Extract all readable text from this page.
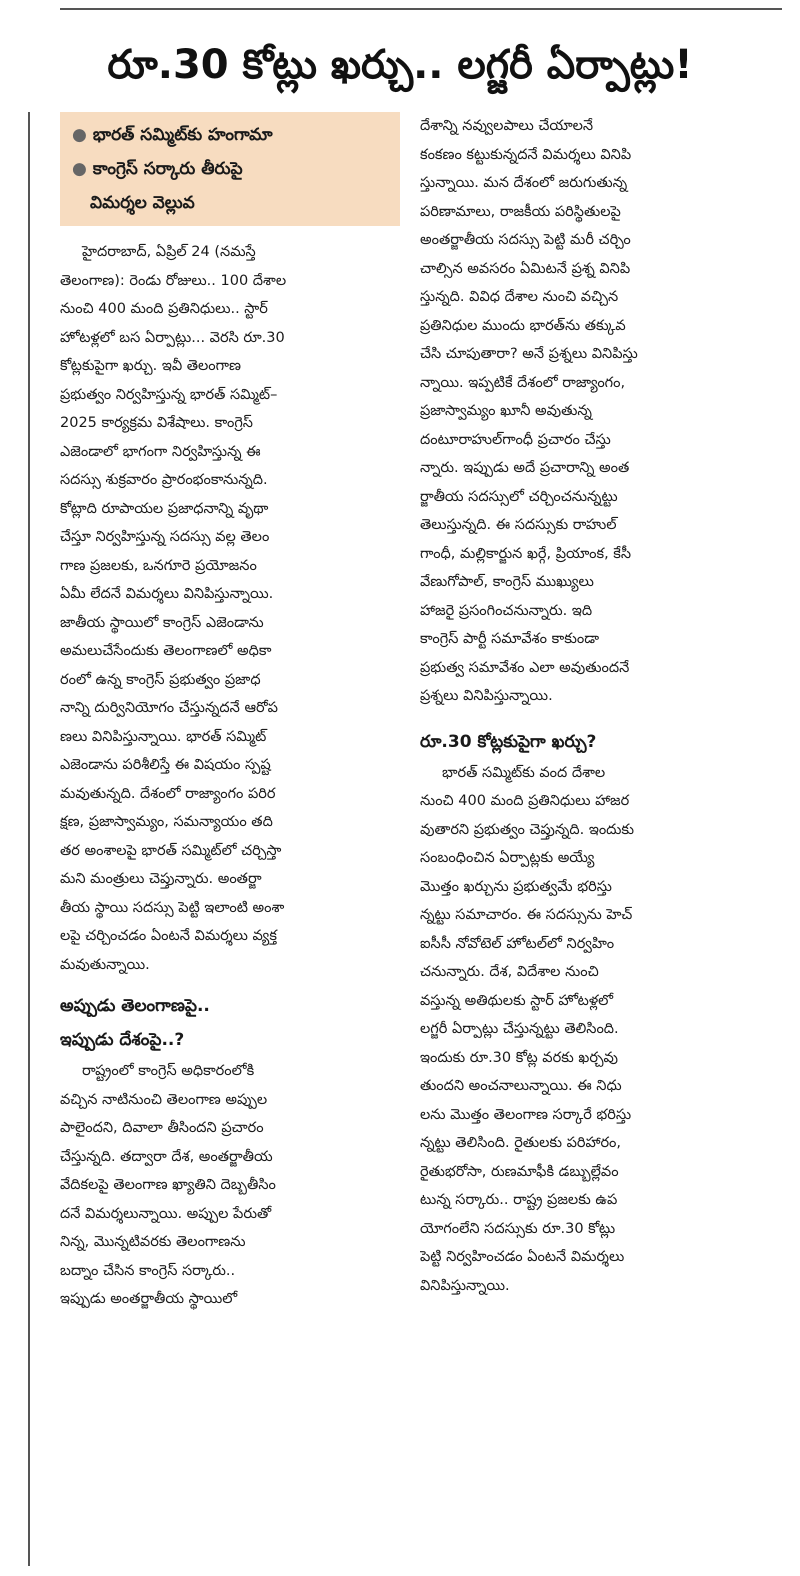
రూ.30 కోట్లు ఖర్చు.. లగ్జరీ ఏర్పాట్లు!
● భారత్ సమ్మిట్‌కు హంగామా
● కాంగ్రెస్ సర్కారు తీరుపై
విమర్శల వెల్లువ
హైదరాబాద్, ఏప్రిల్ 24 (నమస్తే
తెలంగాణ): రెండు రోజులు.. 100 దేశాల
నుంచి 400 మంది ప్రతినిధులు.. స్టార్
హోటళ్లలో బస ఏర్పాట్లు... వెరసి రూ.30
కోట్లకుపైగా ఖర్చు. ఇవీ తెలంగాణ
ప్రభుత్వం నిర్వహిస్తున్న భారత్ సమ్మిట్–
2025 కార్యక్రమ విశేషాలు. కాంగ్రెస్
ఎజెండాలో భాగంగా నిర్వహిస్తున్న ఈ
సదస్సు శుక్రవారం ప్రారంభంకానున్నది.
కోట్లాది రూపాయల ప్రజాధనాన్ని వృథా
చేస్తూ నిర్వహిస్తున్న సదస్సు వల్ల తెలం
గాణ ప్రజలకు, ఒనగూరె ప్రయోజనం
ఏమీ లేదనే విమర్శలు వినిపిస్తున్నాయి.
జాతీయ స్థాయిలో కాంగ్రెస్ ఎజెండాను
అమలుచేసేందుకు తెలంగాణలో అధికా
రంలో ఉన్న కాంగ్రెస్ ప్రభుత్వం ప్రజాధ
నాన్ని దుర్వినియోగం చేస్తున్నదనే ఆరోప
ణలు వినిపిస్తున్నాయి. భారత్ సమ్మిట్
ఎజెండాను పరిశీలిస్తే ఈ విషయం స్పష్ట
మవుతున్నది. దేశంలో రాజ్యాంగం పరిర
క్షణ, ప్రజాస్వామ్యం, సమన్యాయం తది
తర అంశాలపై భారత్ సమ్మిట్‌లో చర్చిస్తా
మని మంత్రులు చెప్తున్నారు. అంతర్జా
తీయ స్థాయి సదస్సు పెట్టి ఇలాంటి అంశా
లపై చర్చించడం ఏంటనే విమర్శలు వ్యక్త
మవుతున్నాయి.
అప్పుడు తెలంగాణపై..
ఇప్పుడు దేశంపై..?
రాష్ట్రంలో కాంగ్రెస్ అధికారంలోకి
వచ్చిన నాటినుంచి తెలంగాణ అప్పుల
పాలైందని, దివాలా తీసిందని ప్రచారం
చేస్తున్నది. తద్వారా దేశ, అంతర్జాతీయ
వేదికలపై తెలంగాణ ఖ్యాతిని దెబ్బతీసిం
దనే విమర్శలున్నాయి. అప్పుల పేరుతో
నిన్న, మొన్నటివరకు తెలంగాణను
బద్నాం చేసిన కాంగ్రెస్ సర్కారు..
ఇప్పుడు అంతర్జాతీయ స్థాయిలో
దేశాన్ని నవ్వులపాలు చేయాలనే
కంకణం కట్టుకున్నదనే విమర్శలు వినిపి
స్తున్నాయి. మన దేశంలో జరుగుతున్న
పరిణామాలు, రాజకీయ పరిస్థితులపై
అంతర్జాతీయ సదస్సు పెట్టి మరీ చర్చిం
చాల్సిన అవసరం ఏమిటనే ప్రశ్న వినిపి
స్తున్నది. వివిధ దేశాల నుంచి వచ్చిన
ప్రతినిధుల ముందు భారత్‌ను తక్కువ
చేసి చూపుతారా? అనే ప్రశ్నలు వినిపిస్తు
న్నాయి. ఇప్పటికే దేశంలో రాజ్యాంగం,
ప్రజాస్వామ్యం ఖూనీ అవుతున్న
దంటూరాహుల్‌గాంధీ ప్రచారం చేస్తు
న్నారు. ఇప్పుడు అదే ప్రచారాన్ని అంత
ర్జాతీయ సదస్సులో చర్చించనున్నట్టు
తెలుస్తున్నది. ఈ సదస్సుకు రాహుల్
గాంధీ, మల్లికార్జున ఖర్గే, ప్రియాంక, కేసీ
వేణుగోపాల్, కాంగ్రెస్ ముఖ్యులు
హాజరై ప్రసంగించనున్నారు. ఇది
కాంగ్రెస్ పార్టీ సమావేశం కాకుండా
ప్రభుత్వ సమావేశం ఎలా అవుతుందనే
ప్రశ్నలు వినిపిస్తున్నాయి.
రూ.30 కోట్లకుపైగా ఖర్చు?
భారత్ సమ్మిట్‌కు వంద దేశాల
నుంచి 400 మంది ప్రతినిధులు హాజర
వుతారని ప్రభుత్వం చెప్తున్నది. ఇందుకు
సంబంధించిన ఏర్పాట్లకు అయ్యే
మొత్తం ఖర్చును ప్రభుత్వమే భరిస్తు
న్నట్టు సమాచారం. ఈ సదస్సును హెచ్
ఐసీసీ నోవోటెల్ హోటల్‌లో నిర్వహిం
చనున్నారు. దేశ, విదేశాల నుంచి
వస్తున్న అతిథులకు స్టార్ హోటళ్లలో
లగ్జరీ ఏర్పాట్లు చేస్తున్నట్టు తెలిసింది.
ఇందుకు రూ.30 కోట్ల వరకు ఖర్చవు
తుందని అంచనాలున్నాయి. ఈ నిధు
లను మొత్తం తెలంగాణ సర్కారే భరిస్తు
న్నట్టు తెలిసింది. రైతులకు పరిహారం,
రైతుభరోసా, రుణమాఫీకి డబ్బుల్లేవం
టున్న సర్కారు.. రాష్ట్ర ప్రజలకు ఉప
యోగంలేని సదస్సుకు రూ.30 కోట్లు
పెట్టి నిర్వహించడం ఏంటనే విమర్శలు
వినిపిస్తున్నాయి.
